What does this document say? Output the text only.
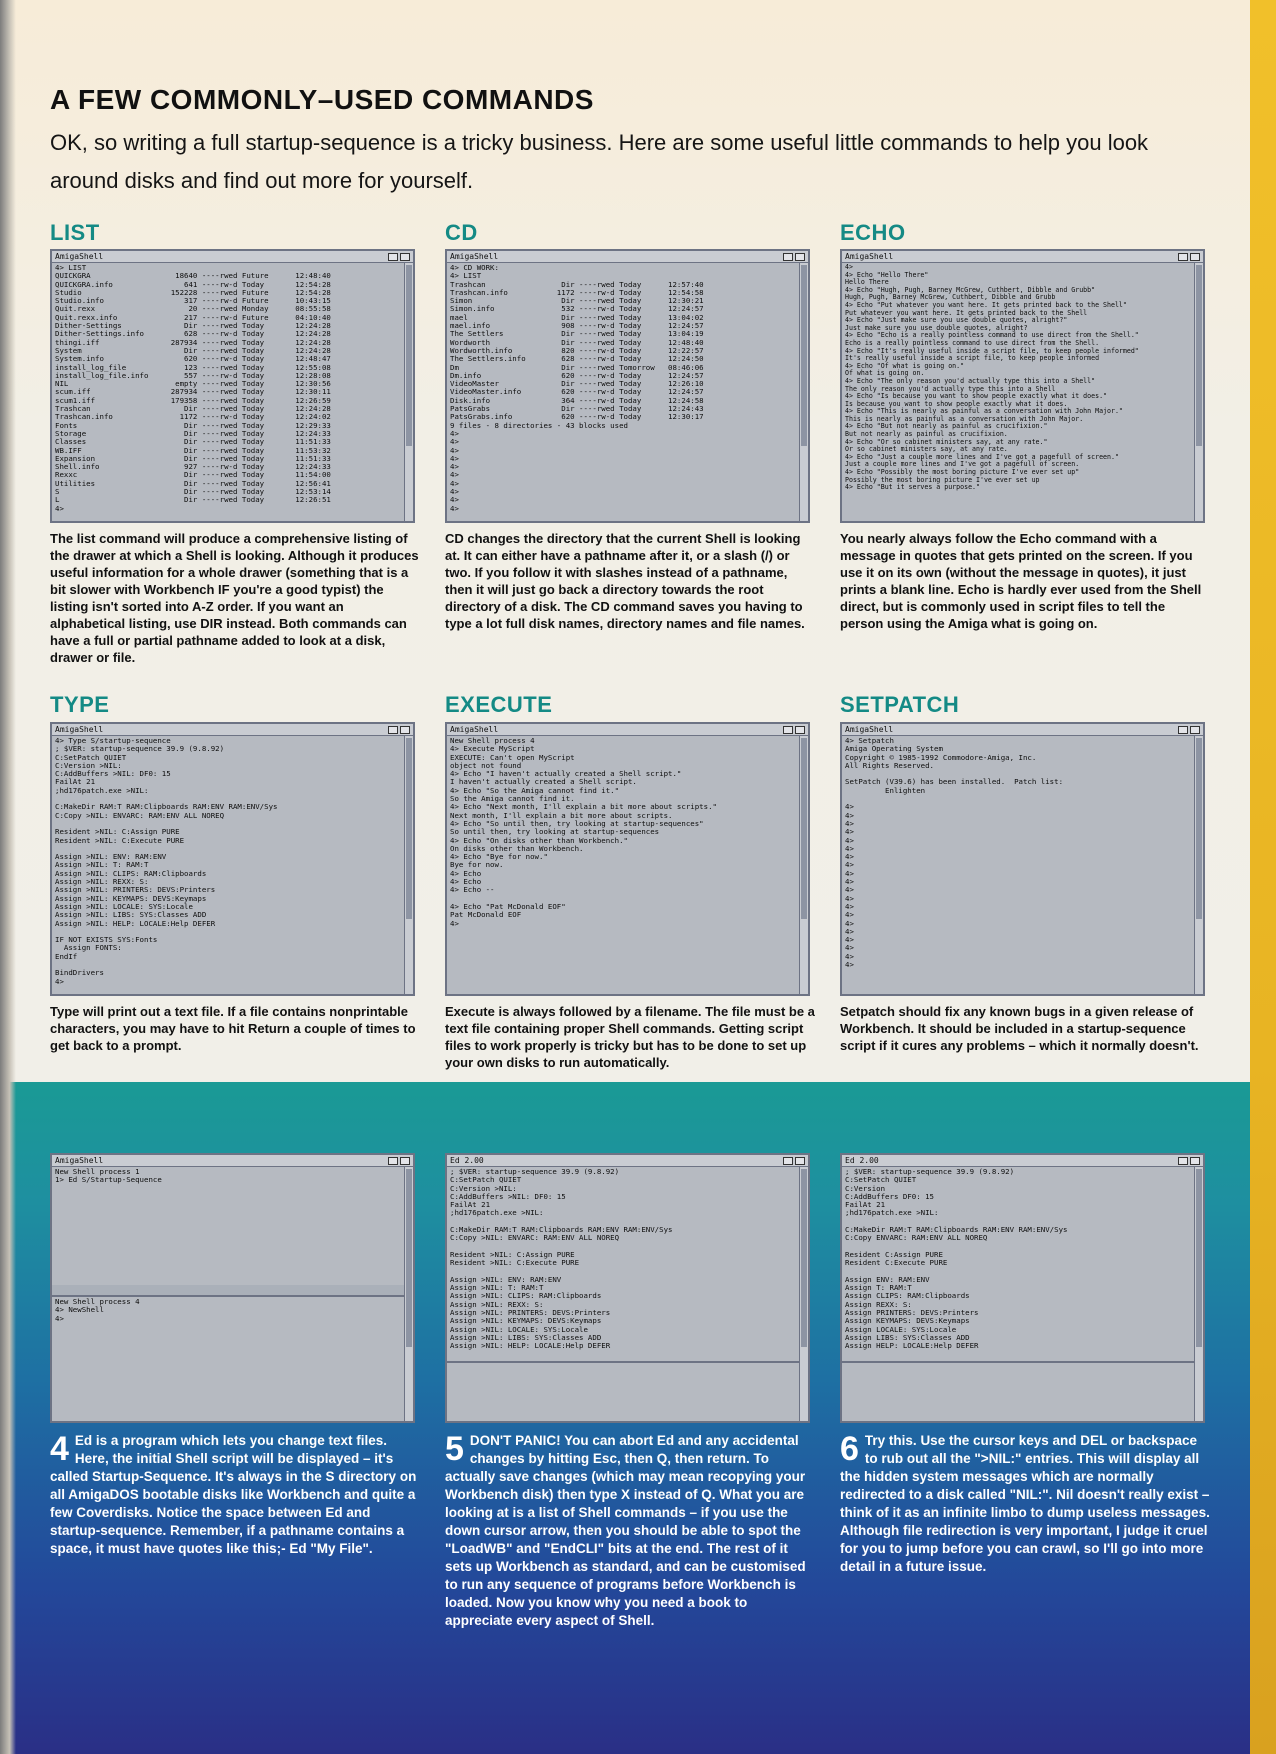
A FEW COMMONLY–USED COMMANDS

OK, so writing a full startup-sequence is a tricky business. Here are some useful little commands to help you look around disks and find out more for yourself.

LIST
AmigaShell
4> LIST
QUICKGRA                   18640 ----rwed Future      12:48:40
QUICKGRA.info                641 ----rw-d Today       12:54:28
Studio                    152228 ----rwed Future      12:54:28
Studio.info                  317 ----rw-d Future      10:43:15
Quit.rexx                     20 ----rwed Monday      08:55:58
Quit.rexx.info               217 ----rw-d Future      04:10:40
Dither-Settings              Dir ----rwed Today       12:24:28
Dither-Settings.info         628 ----rw-d Today       12:24:28
thingi.iff                287934 ----rwed Today       12:24:28
System                       Dir ----rwed Today       12:24:28
System.info                  620 ----rw-d Today       12:48:47
install_log_file             123 ----rwed Today       12:55:08
install_log_file.info        557 ----rw-d Today       12:28:08
NIL                        empty ----rwed Today       12:30:56
scum.iff                  287934 ----rwed Today       12:30:11
scum1.iff                 179358 ----rwed Today       12:26:59
Trashcan                     Dir ----rwed Today       12:24:28
Trashcan.info               1172 ----rw-d Today       12:24:02
Fonts                        Dir ----rwed Today       12:29:33
Storage                      Dir ----rwed Today       12:24:33
Classes                      Dir ----rwed Today       11:51:33
WB.IFF                       Dir ----rwed Today       11:53:32
Expansion                    Dir ----rwed Today       11:51:33
Shell.info                   927 ----rw-d Today       12:24:33
Rexxc                        Dir ----rwed Today       11:54:00
Utilities                    Dir ----rwed Today       12:56:41
S                            Dir ----rwed Today       12:53:14
L                            Dir ----rwed Today       12:26:51
4>

The list command will produce a comprehensive listing of the drawer at which a Shell is looking. Although it produces useful information for a whole drawer (something that is a bit slower with Workbench IF you're a good typist) the listing isn't sorted into A-Z order. If you want an alphabetical listing, use DIR instead. Both commands can have a full or partial pathname added to look at a disk, drawer or file.

CD
AmigaShell
4> CD WORK:
4> LIST
Trashcan                 Dir ----rwed Today      12:57:40
Trashcan.info           1172 ----rw-d Today      12:54:58
Simon                    Dir ----rwed Today      12:30:21
Simon.info               532 ----rw-d Today      12:24:57
mael                     Dir ----rwed Today      13:04:02
mael.info                908 ----rw-d Today      12:24:57
The Settlers             Dir ----rwed Today      13:04:19
Wordworth                Dir ----rwed Today      12:48:40
Wordworth.info           820 ----rw-d Today      12:22:57
The Settlers.info        628 ----rw-d Today      12:24:50
Dm                       Dir ----rwed Tomorrow   08:46:06
Dm.info                  620 ----rw-d Today      12:24:57
VideoMaster              Dir ----rwed Today      12:26:10
VideoMaster.info         620 ----rw-d Today      12:24:57
Disk.info                364 ----rw-d Today      12:24:58
PatsGrabs                Dir ----rwed Today      12:24:43
PatsGrabs.info           620 ----rw-d Today      12:30:17
9 files - 8 directories - 43 blocks used
4>
4>
4>
4>
4>
4>
4>
4>
4>
4>

CD changes the directory that the current Shell is looking at. It can either have a pathname after it, or a slash (/) or two. If you follow it with slashes instead of a pathname, then it will just go back a directory towards the root directory of a disk. The CD command saves you having to type a lot full disk names, directory names and file names.

ECHO
AmigaShell
4>
4> Echo "Hello There"
Hello There
4> Echo "Hugh, Pugh, Barney McGrew, Cuthbert, Dibble and Grubb"
Hugh, Pugh, Barney McGrew, Cuthbert, Dibble and Grubb
4> Echo "Put whatever you want here. It gets printed back to the Shell"
Put whatever you want here. It gets printed back to the Shell
4> Echo "Just make sure you use double quotes, alright?"
Just make sure you use double quotes, alright?
4> Echo "Echo is a really pointless command to use direct from the Shell."
Echo is a really pointless command to use direct from the Shell.
4> Echo "It's really useful inside a script file, to keep people informed"
It's really useful inside a script file, to keep people informed
4> Echo "Of what is going on."
Of what is going on.
4> Echo "The only reason you'd actually type this into a Shell"
The only reason you'd actually type this into a Shell
4> Echo "Is because you want to show people exactly what it does."
Is because you want to show people exactly what it does.
4> Echo "This is nearly as painful as a conversation with John Major."
This is nearly as painful as a conversation with John Major.
4> Echo "But not nearly as painful as crucifixion."
But not nearly as painful as crucifixion.
4> Echo "Or so cabinet ministers say, at any rate."
Or so cabinet ministers say, at any rate.
4> Echo "Just a couple more lines and I've got a pagefull of screen."
Just a couple more lines and I've got a pagefull of screen.
4> Echo "Possibly the most boring picture I've ever set up"
Possibly the most boring picture I've ever set up
4> Echo "But it serves a purpose."

You nearly always follow the Echo command with a message in quotes that gets printed on the screen. If you use it on its own (without the message in quotes), it just prints a blank line. Echo is hardly ever used from the Shell direct, but is commonly used in script files to tell the person using the Amiga what is going on.

TYPE
AmigaShell
4> Type S/startup-sequence
; $VER: startup-sequence 39.9 (9.8.92)
C:SetPatch QUIET
C:Version >NIL:
C:AddBuffers >NIL: DF0: 15
FailAt 21
;hd176patch.exe >NIL:

C:MakeDir RAM:T RAM:Clipboards RAM:ENV RAM:ENV/Sys
C:Copy >NIL: ENVARC: RAM:ENV ALL NOREQ

Resident >NIL: C:Assign PURE
Resident >NIL: C:Execute PURE

Assign >NIL: ENV: RAM:ENV
Assign >NIL: T: RAM:T
Assign >NIL: CLIPS: RAM:Clipboards
Assign >NIL: REXX: S:
Assign >NIL: PRINTERS: DEVS:Printers
Assign >NIL: KEYMAPS: DEVS:Keymaps
Assign >NIL: LOCALE: SYS:Locale
Assign >NIL: LIBS: SYS:Classes ADD
Assign >NIL: HELP: LOCALE:Help DEFER

IF NOT EXISTS SYS:Fonts
Assign FONTS:
EndIf

BindDrivers
4>

Type will print out a text file. If a file contains nonprintable characters, you may have to hit Return a couple of times to get back to a prompt.

EXECUTE
AmigaShell
New Shell process 4
4> Execute MyScript
EXECUTE: Can't open MyScript
object not found
4> Echo "I haven't actually created a Shell script."
I haven't actually created a Shell script.
4> Echo "So the Amiga cannot find it."
So the Amiga cannot find it.
4> Echo "Next month, I'll explain a bit more about scripts."
Next month, I'll explain a bit more about scripts.
4> Echo "So until then, try looking at startup-sequences"
So until then, try looking at startup-sequences
4> Echo "On disks other than Workbench."
On disks other than Workbench.
4> Echo "Bye for now."
Bye for now.
4> Echo
4> Echo
4> Echo --

4> Echo "Pat McDonald EOF"
Pat McDonald EOF
4>

Execute is always followed by a filename. The file must be a text file containing proper Shell commands. Getting script files to work properly is tricky but has to be done to set up your own disks to run automatically.

SETPATCH
AmigaShell
4> Setpatch
Amiga Operating System
Copyright © 1985-1992 Commodore-Amiga, Inc.
All Rights Reserved.

SetPatch (V39.6) has been installed.  Patch list:
Enlighten

4>
4>
4>
4>
4>
4>
4>
4>
4>
4>
4>
4>
4>
4>
4>
4>
4>
4>
4>
4>

Setpatch should fix any known bugs in a given release of Workbench. It should be included in a startup-sequence script if it cures any problems – which it normally doesn't.

AmigaShell
New Shell process 1
1> Ed S/Startup-Sequence
New Shell process 4
4> NewShell
4>

4 Ed is a program which lets you change text files. Here, the initial Shell script will be displayed – it's called Startup-Sequence. It's always in the S directory on all AmigaDOS bootable disks like Workbench and quite a few Coverdisks. Notice the space between Ed and startup-sequence. Remember, if a pathname contains a space, it must have quotes like this;- Ed "My File".

Ed 2.00
; $VER: startup-sequence 39.9 (9.8.92)
C:SetPatch QUIET
C:Version >NIL:
C:AddBuffers >NIL: DF0: 15
FailAt 21
;hd176patch.exe >NIL:

C:MakeDir RAM:T RAM:Clipboards RAM:ENV RAM:ENV/Sys
C:Copy >NIL: ENVARC: RAM:ENV ALL NOREQ

Resident >NIL: C:Assign PURE
Resident >NIL: C:Execute PURE

Assign >NIL: ENV: RAM:ENV
Assign >NIL: T: RAM:T
Assign >NIL: CLIPS: RAM:Clipboards
Assign >NIL: REXX: S:
Assign >NIL: PRINTERS: DEVS:Printers
Assign >NIL: KEYMAPS: DEVS:Keymaps
Assign >NIL: LOCALE: SYS:Locale
Assign >NIL: LIBS: SYS:Classes ADD
Assign >NIL: HELP: LOCALE:Help DEFER

5 DON'T PANIC! You can abort Ed and any accidental changes by hitting Esc, then Q, then return. To actually save changes (which may mean recopying your Workbench disk) then type X instead of Q. What you are looking at is a list of Shell commands – if you use the down cursor arrow, then you should be able to spot the "LoadWB" and "EndCLI" bits at the end. The rest of it sets up Workbench as standard, and can be customised to run any sequence of programs before Workbench is loaded. Now you know why you need a book to appreciate every aspect of Shell.

Ed 2.00
; $VER: startup-sequence 39.9 (9.8.92)
C:SetPatch QUIET
C:Version
C:AddBuffers DF0: 15
FailAt 21
;hd176patch.exe >NIL:

C:MakeDir RAM:T RAM:Clipboards RAM:ENV RAM:ENV/Sys
C:Copy ENVARC: RAM:ENV ALL NOREQ

Resident C:Assign PURE
Resident C:Execute PURE

Assign ENV: RAM:ENV
Assign T: RAM:T
Assign CLIPS: RAM:Clipboards
Assign REXX: S:
Assign PRINTERS: DEVS:Printers
Assign KEYMAPS: DEVS:Keymaps
Assign LOCALE: SYS:Locale
Assign LIBS: SYS:Classes ADD
Assign HELP: LOCALE:Help DEFER

6 Try this. Use the cursor keys and DEL or backspace to rub out all the ">NIL:" entries. This will display all the hidden system messages which are normally redirected to a disk called "NIL:". Nil doesn't really exist – think of it as an infinite limbo to dump useless messages. Although file redirection is very important, I judge it cruel for you to jump before you can crawl, so I'll go into more detail in a future issue.
